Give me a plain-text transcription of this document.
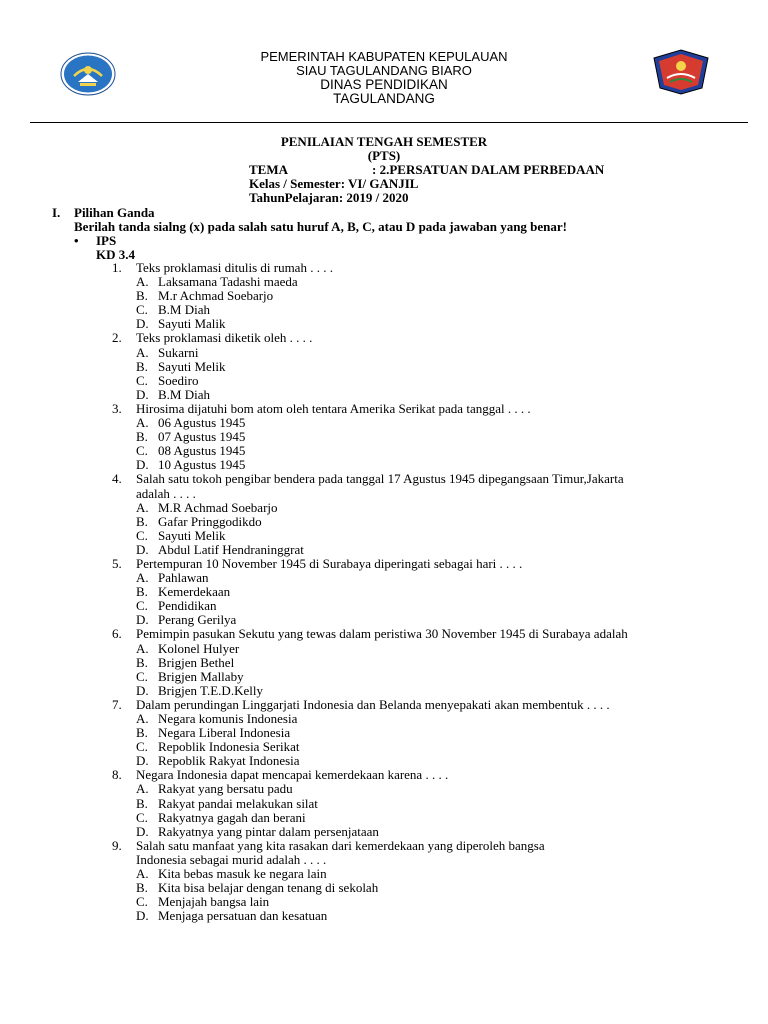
PEMERINTAH KABUPATEN KEPULAUAN
SIAU TAGULANDANG BIARO
DINAS PENDIDIKAN
TAGULANDANG
PENILAIAN TENGAH SEMESTER
(PTS)
TEMA	: 2.PERSATUAN DALAM PERBEDAAN
Kelas / Semester: VI/ GANJIL
TahunPelajaran: 2019 / 2020
I. Pilihan Ganda
Berilah tanda sialng (x) pada salah satu huruf A, B, C, atau D pada jawaban yang benar!
• IPS
KD 3.4
1. Teks proklamasi ditulis di rumah . . . .
A. Laksamana Tadashi maeda
B. M.r Achmad Soebarjo
C. B.M Diah
D. Sayuti Malik
2. Teks proklamasi diketik oleh . . . .
A. Sukarni
B. Sayuti Melik
C. Soediro
D. B.M Diah
3. Hirosima dijatuhi bom atom oleh tentara Amerika Serikat pada tanggal . . . .
A. 06 Agustus 1945
B. 07 Agustus 1945
C. 08 Agustus 1945
D. 10 Agustus 1945
4. Salah satu tokoh pengibar bendera pada tanggal 17 Agustus 1945 dipegangsaan Timur,Jakarta
adalah . . . .
A. M.R Achmad Soebarjo
B. Gafar Pringgodikdo
C. Sayuti Melik
D. Abdul Latif Hendraninggrat
5. Pertempuran 10 November 1945 di Surabaya diperingati sebagai hari . . . .
A. Pahlawan
B. Kemerdekaan
C. Pendidikan
D. Perang Gerilya
6. Pemimpin pasukan Sekutu yang tewas dalam peristiwa 30 November 1945 di Surabaya adalah
A. Kolonel Hulyer
B. Brigjen Bethel
C. Brigjen Mallaby
D. Brigjen T.E.D.Kelly
7. Dalam perundingan Linggarjati Indonesia dan Belanda menyepakati akan membentuk . . . .
A. Negara komunis Indonesia
B. Negara Liberal Indonesia
C. Repoblik Indonesia Serikat
D. Repoblik Rakyat Indonesia
8. Negara Indonesia dapat mencapai kemerdekaan karena . . . .
A. Rakyat yang bersatu padu
B. Rakyat pandai melakukan silat
C. Rakyatnya gagah dan berani
D. Rakyatnya yang pintar dalam persenjataan
9. Salah satu manfaat yang kita rasakan dari kemerdekaan yang diperoleh bangsa
Indonesia sebagai murid adalah . . . .
A. Kita bebas masuk ke negara lain
B. Kita bisa belajar dengan tenang di sekolah
C. Menjajah bangsa lain
D. Menjaga persatuan dan kesatuan
